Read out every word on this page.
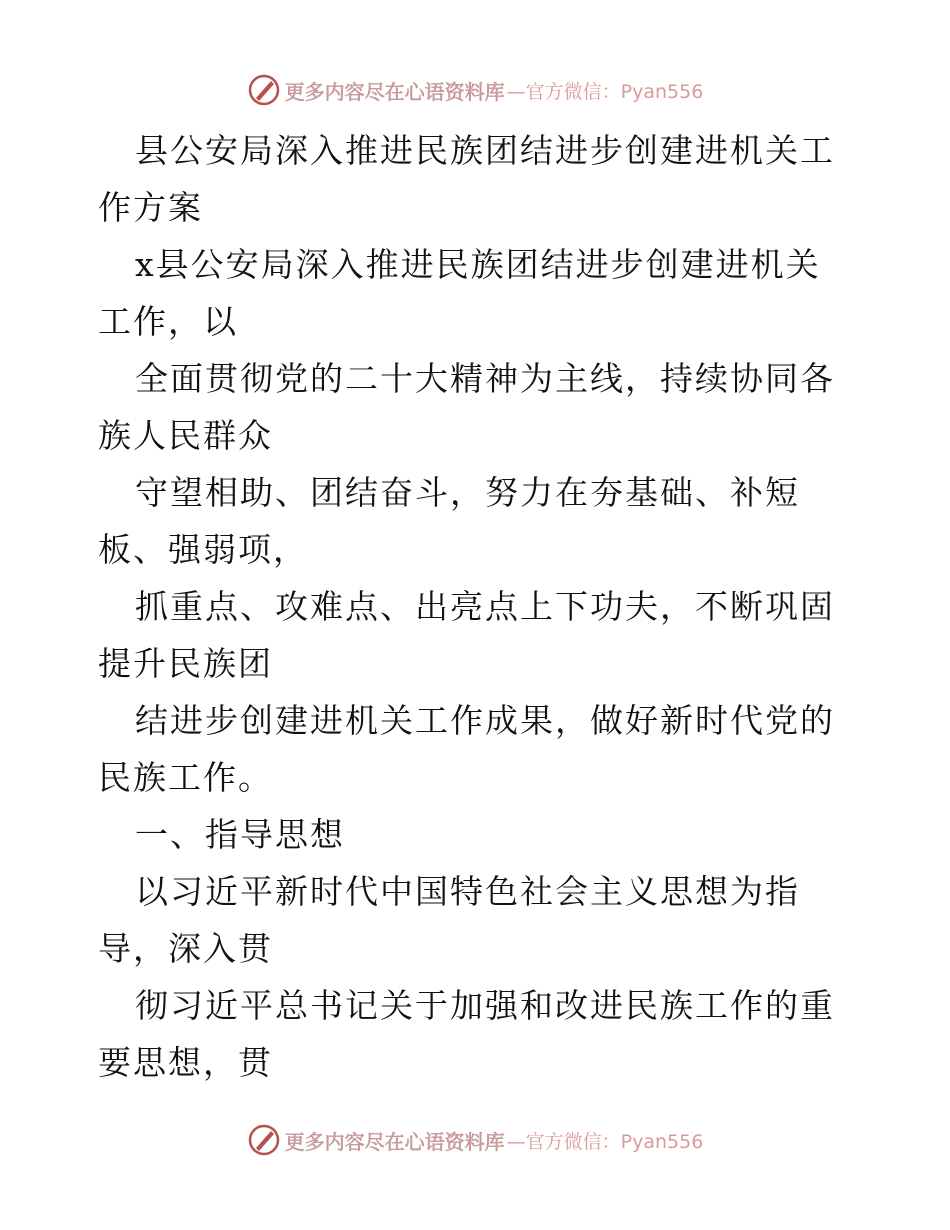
更多内容尽在心语资料库 —官方微信：Pyan556

县公安局深入推进民族团结进步创建进机关工作方案

x县公安局深入推进民族团结进步创建进机关工作，以

全面贯彻党的二十大精神为主线，持续协同各族人民群众

守望相助、团结奋斗，努力在夯基础、补短板、强弱项，

抓重点、攻难点、出亮点上下功夫，不断巩固提升民族团

结进步创建进机关工作成果，做好新时代党的民族工作。

一、指导思想

以习近平新时代中国特色社会主义思想为指导，深入贯

彻习近平总书记关于加强和改进民族工作的重要思想，贯

更多内容尽在心语资料库 —官方微信：Pyan556
